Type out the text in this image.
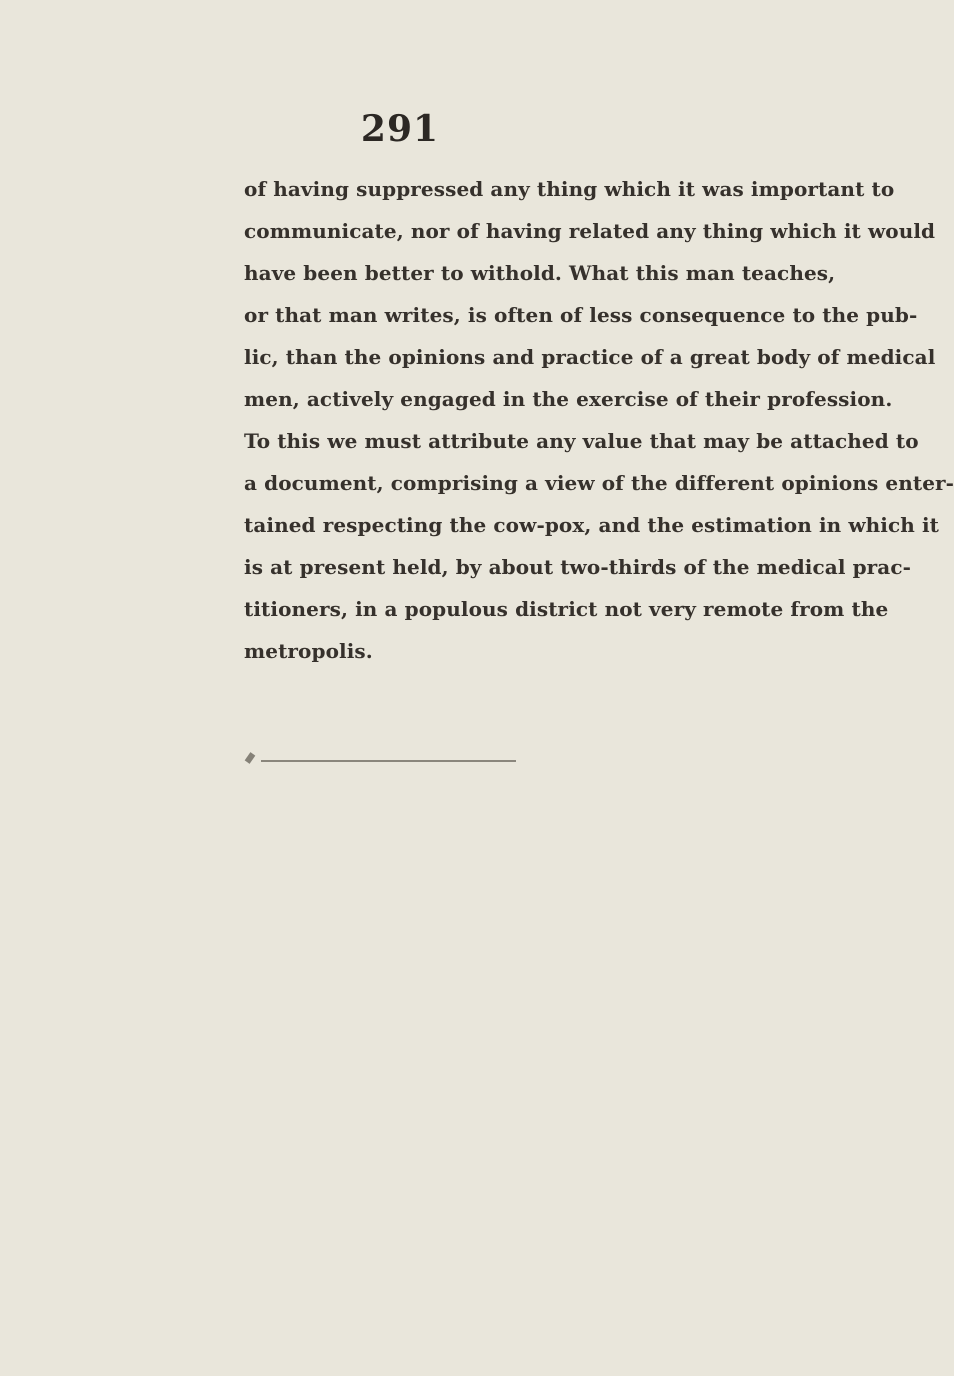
291
of having suppressed any thing which it was important to
communicate, nor of having related any thing which it would
have been better to withold. What this man teaches,
or that man writes, is often of less consequence to the pub-
lic, than the opinions and practice of a great body of medical
men, actively engaged in the exercise of their profession.
To this we must attribute any value that may be attached to
a document, comprising a view of the different opinions enter-
tained respecting the cow-pox, and the estimation in which it
is at present held, by about two-thirds of the medical prac-
titioners, in a populous district not very remote from the
metropolis.
